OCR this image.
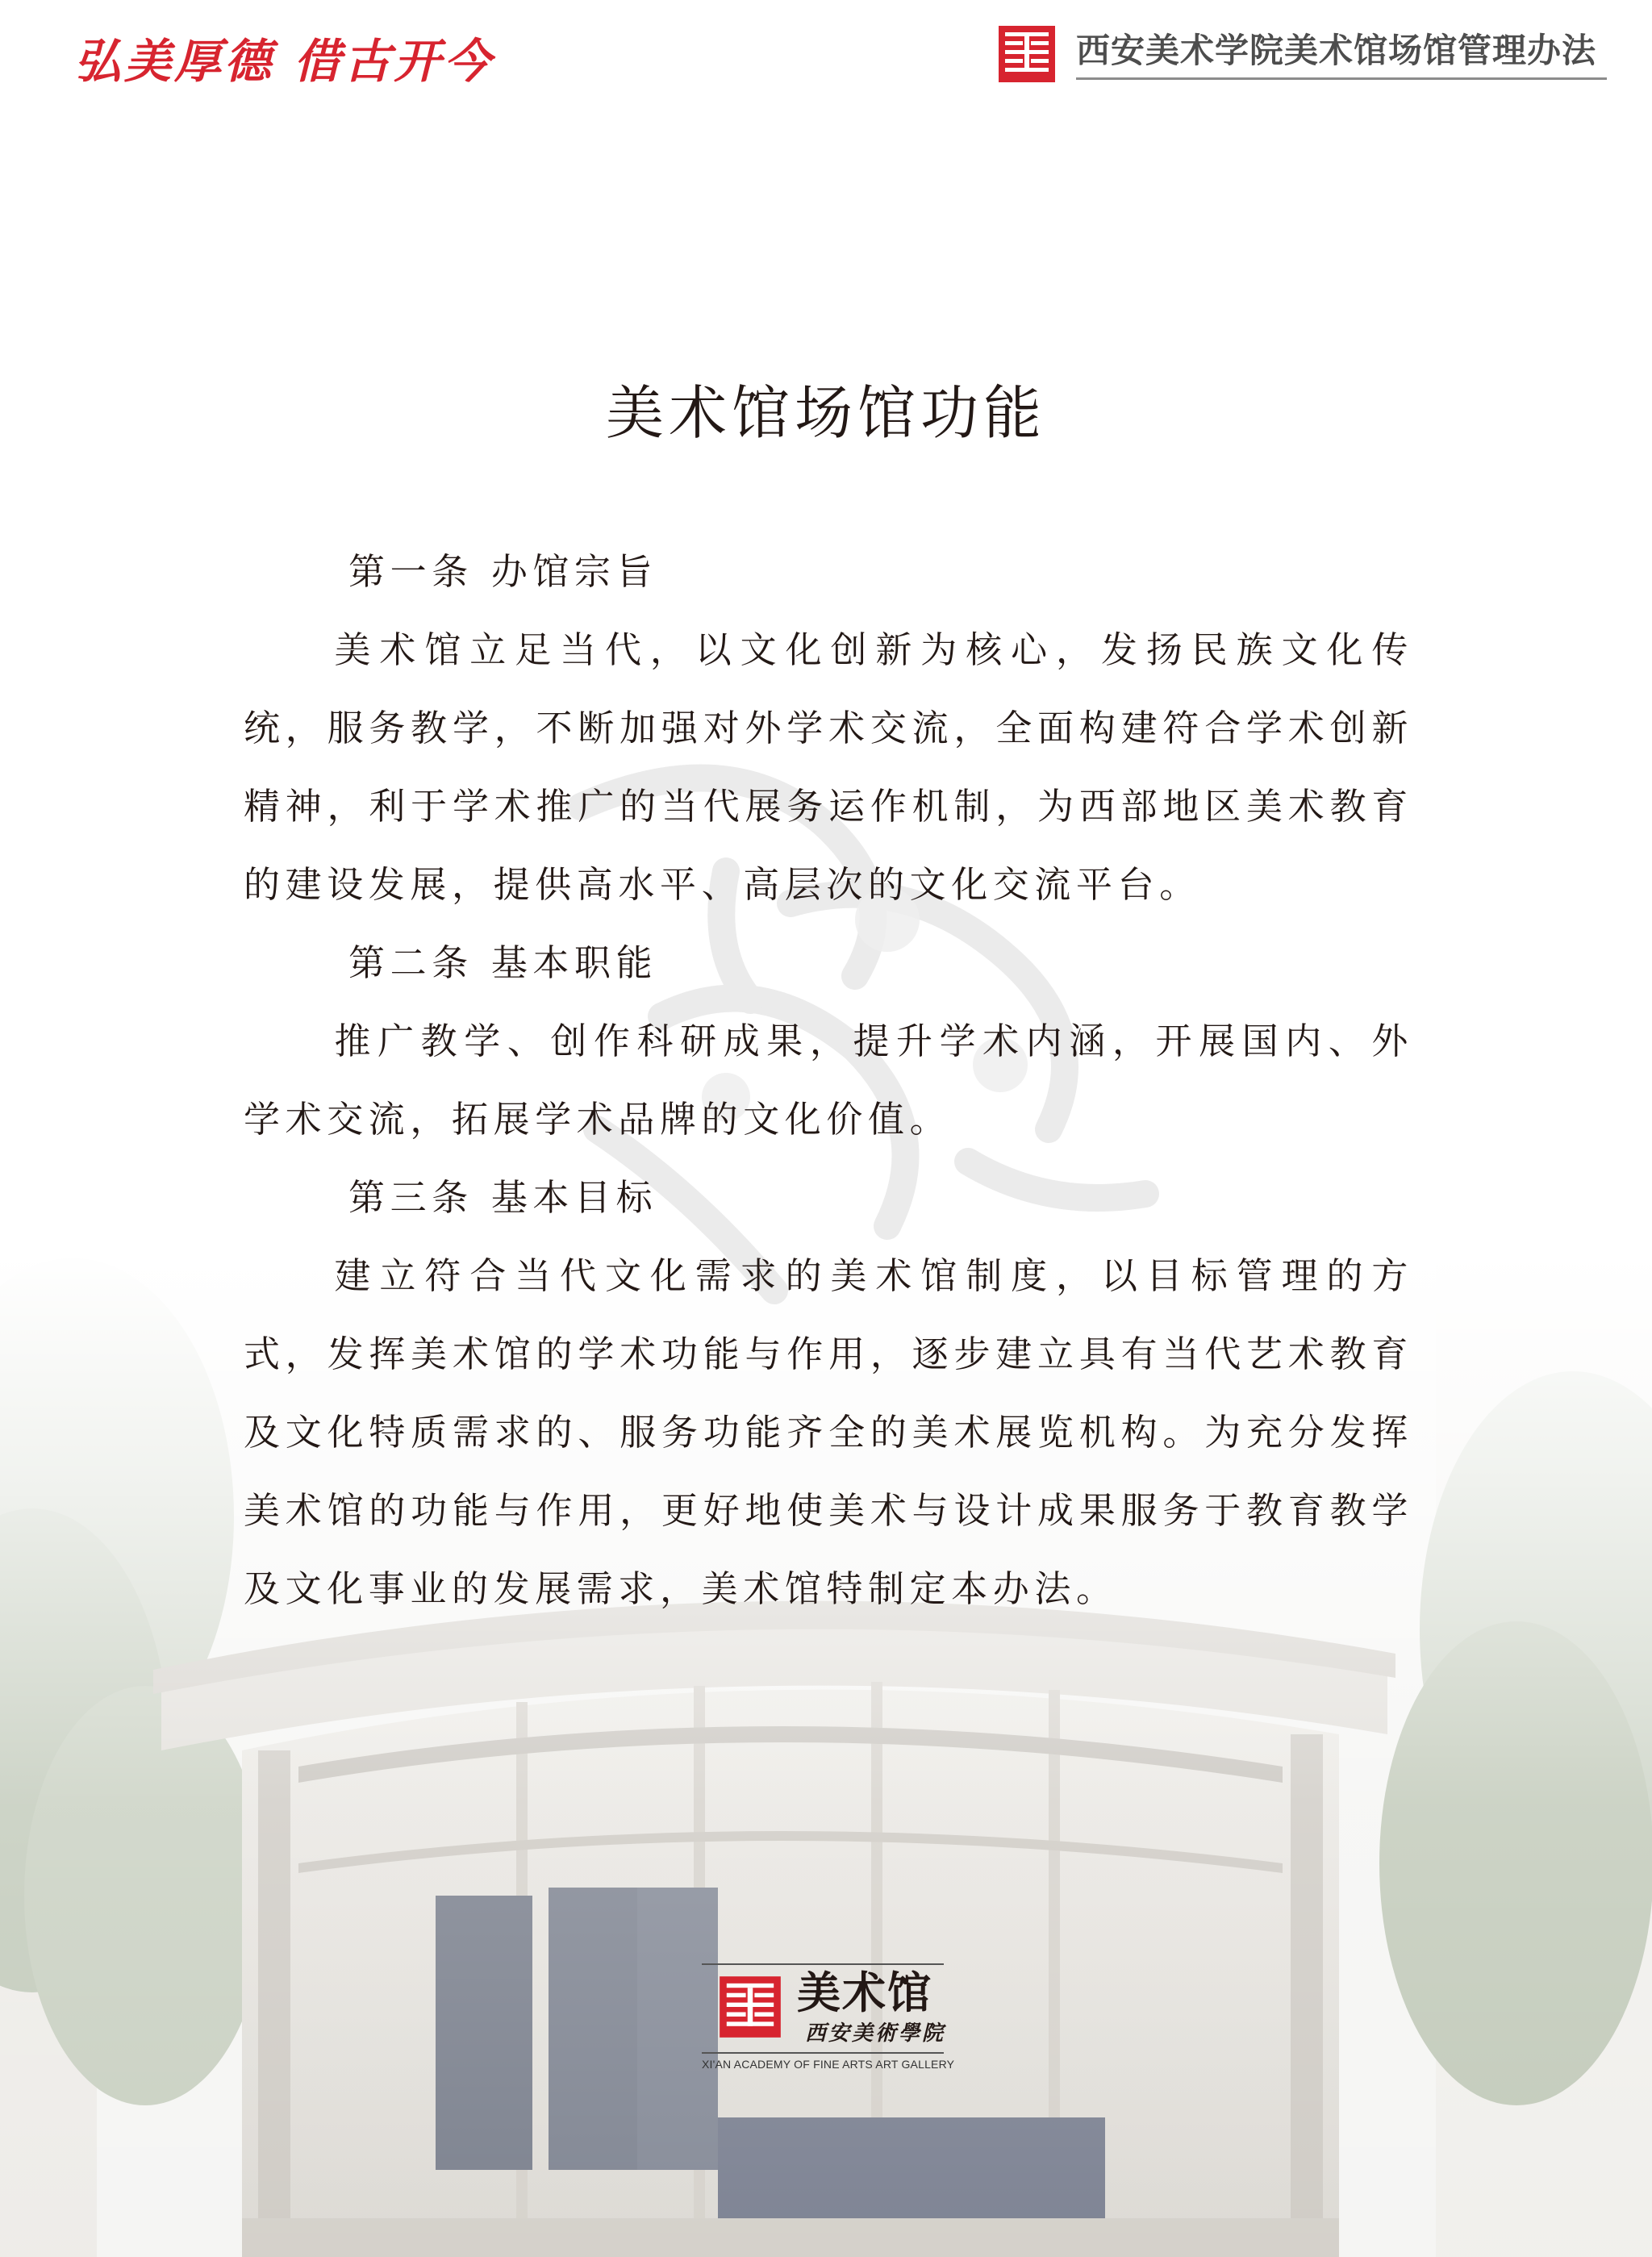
弘美厚德 借古开今	西安美术学院美术馆场馆管理办法
美术馆场馆功能
第一条 办馆宗旨

美术馆立足当代，以文化创新为核心，发扬民族文化传统，服务教学，不断加强对外学术交流，全面构建符合学术创新精神，利于学术推广的当代展务运作机制，为西部地区美术教育的建设发展，提供高水平、高层次的文化交流平台。

第二条 基本职能

推广教学、创作科研成果，提升学术内涵，开展国内、外学术交流，拓展学术品牌的文化价值。

第三条 基本目标

建立符合当代文化需求的美术馆制度，以目标管理的方式，发挥美术馆的学术功能与作用，逐步建立具有当代艺术教育及文化特质需求的、服务功能齐全的美术展览机构。为充分发挥美术馆的功能与作用，更好地使美术与设计成果服务于教育教学及文化事业的发展需求，美术馆特制定本办法。

美术馆
西安美術學院
XI'AN ACADEMY OF FINE ARTS ART GALLERY
